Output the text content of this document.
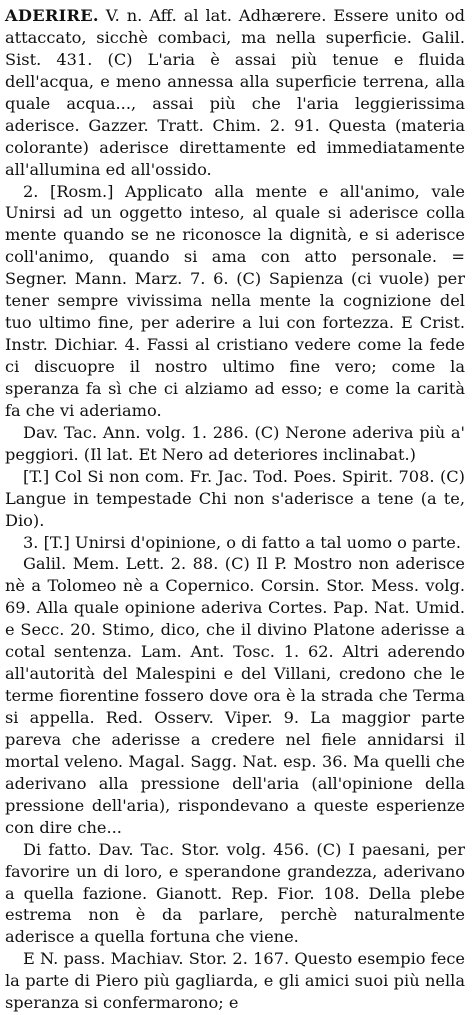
ADERIRE. V. n. Aff. al lat. Adhærere. Essere unito od attaccato, sicchè combaci, ma nella superficie. Galil. Sist. 431. (C) L'aria è assai più tenue e fluida dell'acqua, e meno annessa alla superficie terrena, alla quale acqua..., assai più che l'aria leggierissima aderisce. Gazzer. Tratt. Chim. 2. 91. Questa (materia colorante) aderisce direttamente ed immediatamente all'allumina ed all'ossido.

2. [Rosm.] Applicato alla mente e all'animo, vale Unirsi ad un oggetto inteso, al quale si aderisce colla mente quando se ne riconosce la dignità, e si aderisce coll'animo, quando si ama con atto personale. = Segner. Mann. Marz. 7. 6. (C) Sapienza (ci vuole) per tener sempre vivissima nella mente la cognizione del tuo ultimo fine, per aderire a lui con fortezza. E Crist. Instr. Dichiar. 4. Fassi al cristiano vedere come la fede ci discuopre il nostro ultimo fine vero; come la speranza fa sì che ci alziamo ad esso; e come la carità fa che vi aderiamo.

Dav. Tac. Ann. volg. 1. 286. (C) Nerone aderiva più a' peggiori. (Il lat. Et Nero ad deteriores inclinabat.)

[T.] Col Si non com. Fr. Jac. Tod. Poes. Spirit. 708. (C) Langue in tempestade Chi non s'aderisce a tene (a te, Dio).

3. [T.] Unirsi d'opinione, o di fatto a tal uomo o parte.

Galil. Mem. Lett. 2. 88. (C) Il P. Mostro non aderisce nè a Tolomeo nè a Copernico. Corsin. Stor. Mess. volg. 69. Alla quale opinione aderiva Cortes. Pap. Nat. Umid. e Secc. 20. Stimo, dico, che il divino Platone aderisse a cotal sentenza. Lam. Ant. Tosc. 1. 62. Altri aderendo all'autorità del Malespini e del Villani, credono che le terme fiorentine fossero dove ora è la strada che Terma si appella. Red. Osserv. Viper. 9. La maggior parte pareva che aderisse a credere nel fiele annidarsi il mortal veleno. Magal. Sagg. Nat. esp. 36. Ma quelli che aderivano alla pressione dell'aria (all'opinione della pressione dell'aria), rispondevano a queste esperienze con dire che...

Di fatto. Dav. Tac. Stor. volg. 456. (C) I paesani, per favorire un di loro, e sperandone grandezza, aderivano a quella fazione. Gianott. Rep. Fior. 108. Della plebe estrema non è da parlare, perchè naturalmente aderisce a quella fortuna che viene.

E N. pass. Machiav. Stor. 2. 167. Questo esempio fece la parte di Piero più gagliarda, e gli amici suoi più nella speranza si confermarono; e
